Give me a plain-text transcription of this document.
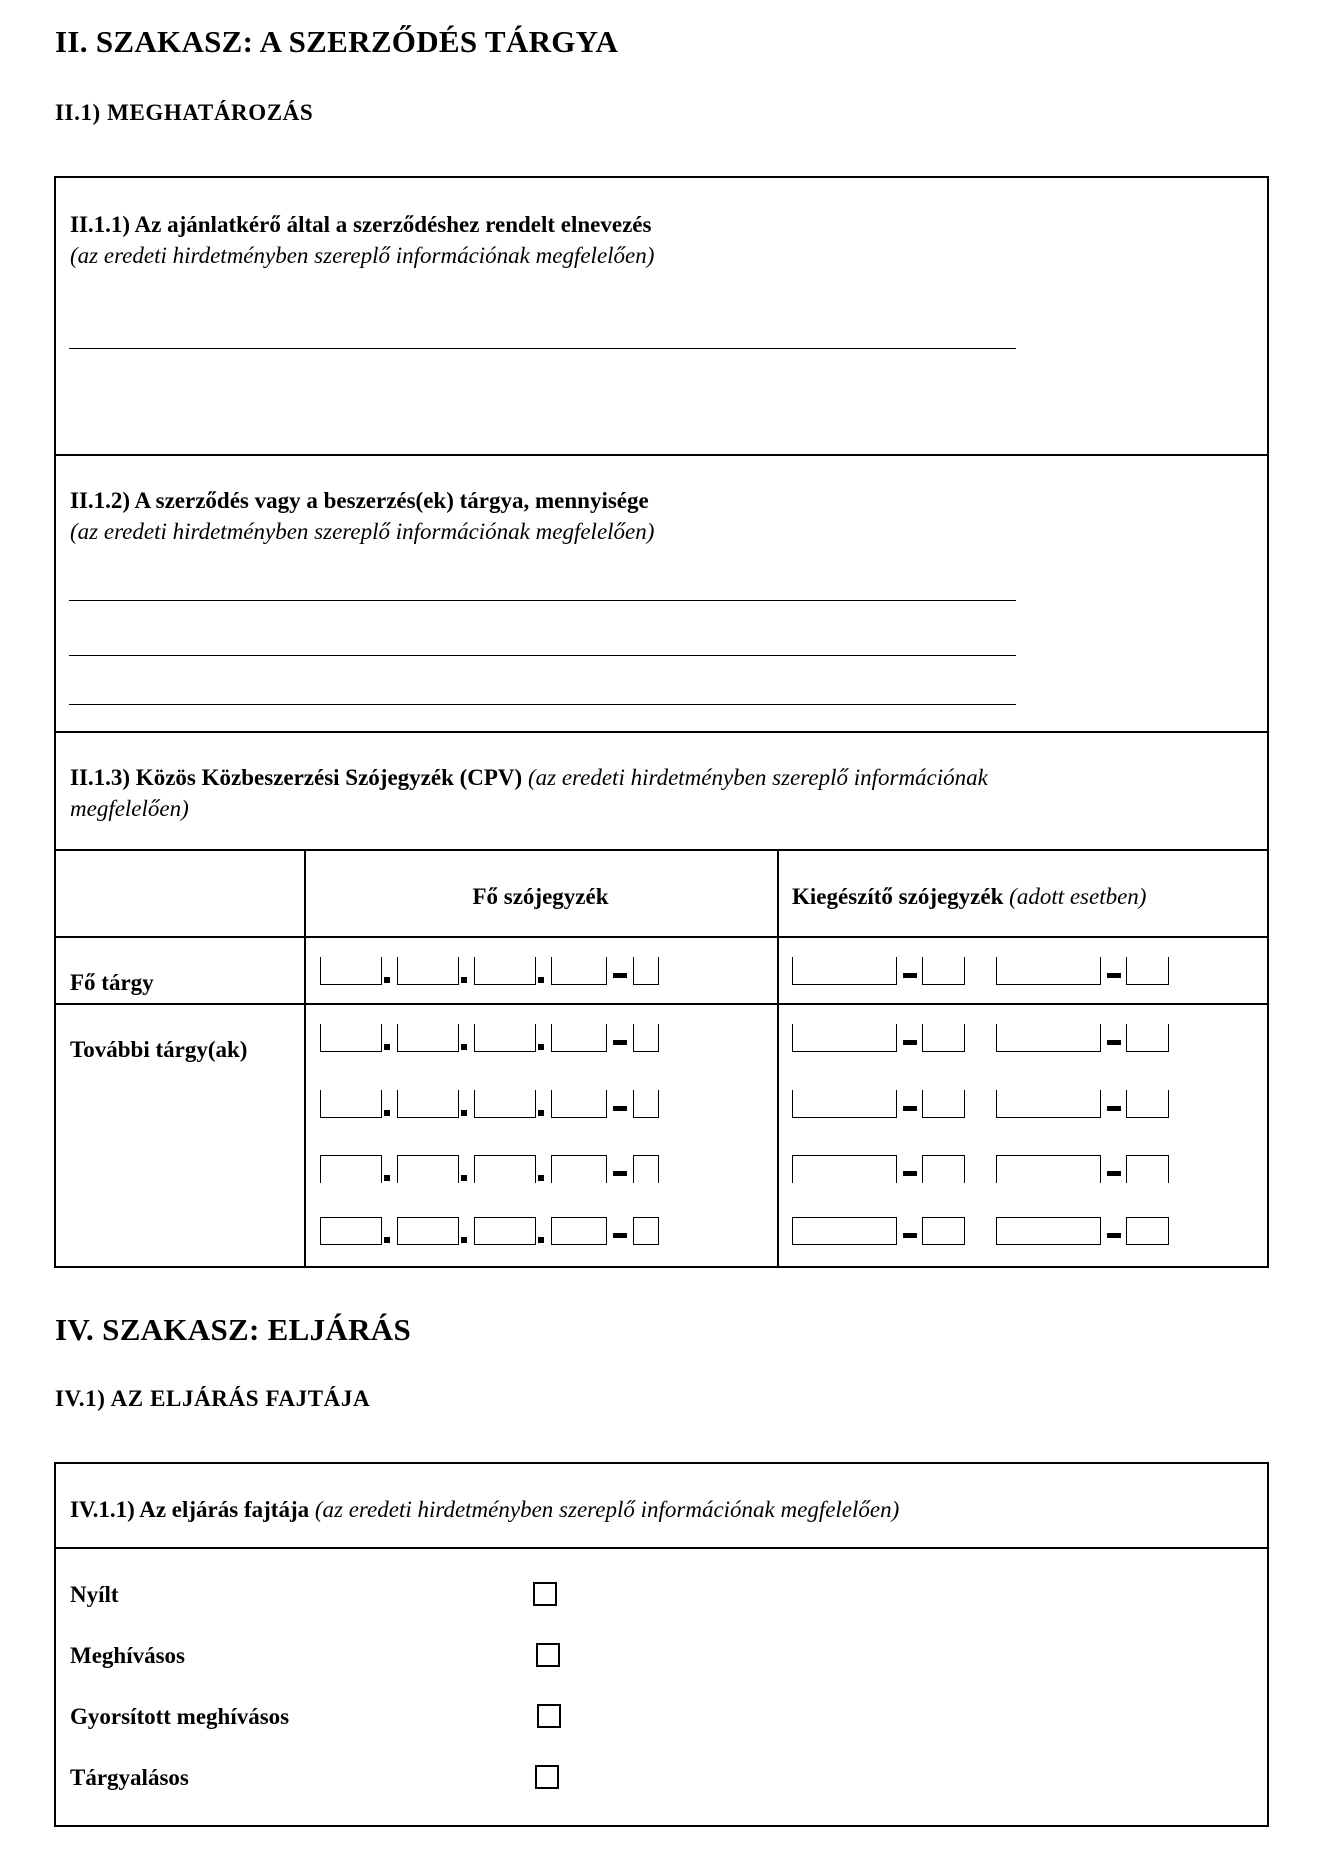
II. SZAKASZ: A SZERZŐDÉS TÁRGYA
II.1) MEGHATÁROZÁS
II.1.1) Az ajánlatkérő által a szerződéshez rendelt elnevezés
(az eredeti hirdetményben szereplő információnak megfelelően)
II.1.2) A szerződés vagy a beszerzés(ek) tárgya, mennyisége
(az eredeti hirdetményben szereplő információnak megfelelően)
II.1.3) Közös Közbeszerzési Szójegyzék (CPV) (az eredeti hirdetményben szereplő információnak
megfelelően)
Fő szójegyzék	Kiegészítő szójegyzék (adott esetben)
Fő tárgy
További tárgy(ak)
IV. SZAKASZ: ELJÁRÁS
IV.1) AZ ELJÁRÁS FAJTÁJA
IV.1.1) Az eljárás fajtája (az eredeti hirdetményben szereplő információnak megfelelően)
Nyílt
Meghívásos
Gyorsított meghívásos
Tárgyalásos
